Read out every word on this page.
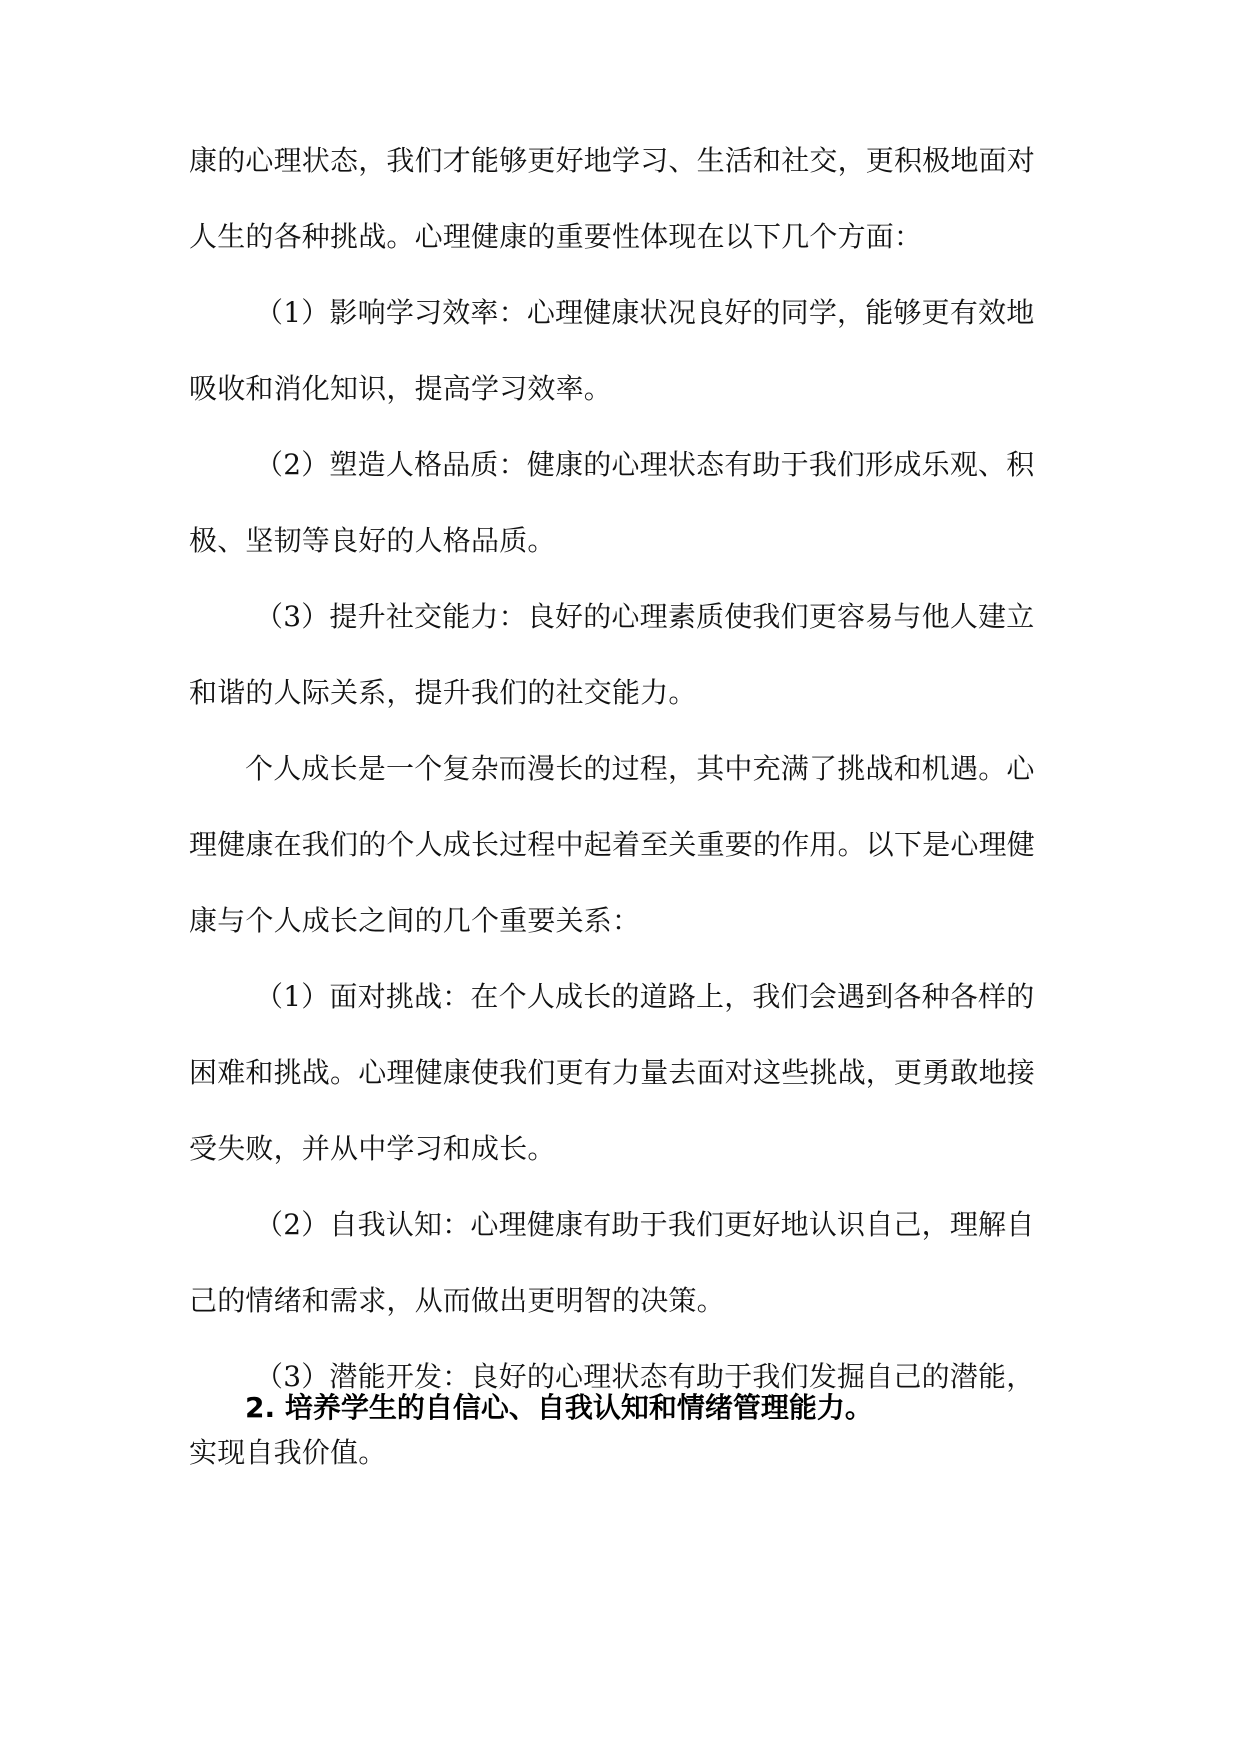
康的心理状态，我们才能够更好地学习、生活和社交，更积极地面对人生的各种挑战。心理健康的重要性体现在以下几个方面：

（1）影响学习效率：心理健康状况良好的同学，能够更有效地吸收和消化知识，提高学习效率。

（2）塑造人格品质：健康的心理状态有助于我们形成乐观、积极、坚韧等良好的人格品质。

（3）提升社交能力：良好的心理素质使我们更容易与他人建立和谐的人际关系，提升我们的社交能力。

个人成长是一个复杂而漫长的过程，其中充满了挑战和机遇。心理健康在我们的个人成长过程中起着至关重要的作用。以下是心理健康与个人成长之间的几个重要关系：

（1）面对挑战：在个人成长的道路上，我们会遇到各种各样的困难和挑战。心理健康使我们更有力量去面对这些挑战，更勇敢地接受失败，并从中学习和成长。

（2）自我认知：心理健康有助于我们更好地认识自己，理解自己的情绪和需求，从而做出更明智的决策。

（3）潜能开发：良好的心理状态有助于我们发掘自己的潜能，实现自我价值。

2. 培养学生的自信心、自我认知和情绪管理能力。
